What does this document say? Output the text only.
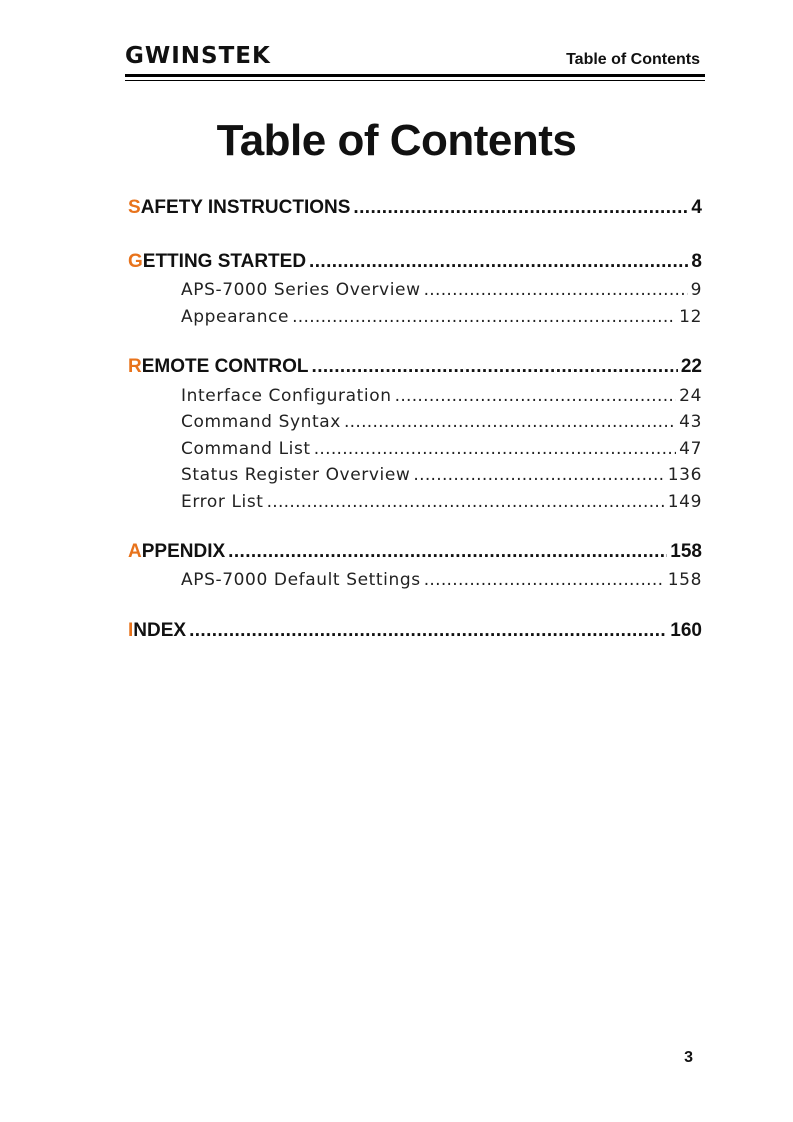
GWINSTEK	Table of Contents
Table of Contents
S AFETY INSTRUCTIONS .....	4
G ETTING STARTED .....	8
APS-7000 Series Overview .....	9
Appearance .....	12
R EMOTE CONTROL .....	22
Interface Configuration .....	24
Command Syntax .....	43
Command List .....	47
Status Register Overview .....	136
Error List .....	149
A PPENDIX .....	158
APS-7000 Default Settings .....	158
I NDEX .....	160
3
